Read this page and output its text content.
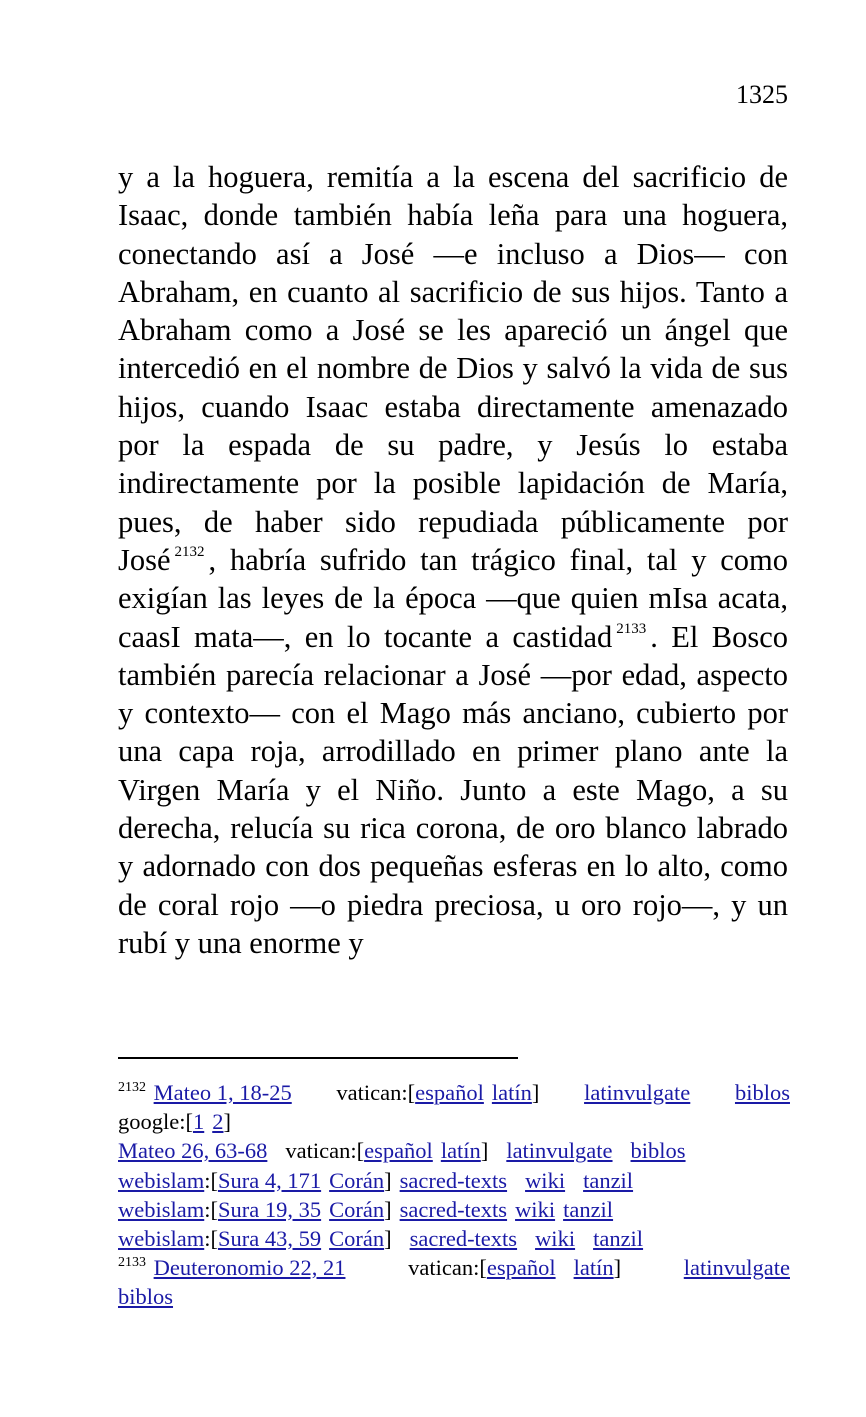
1325

y a la hoguera, remitía a la escena del sacrificio de Isaac, donde también había leña para una hoguera, conectando así a José —e incluso a Dios— con Abraham, en cuanto al sacrificio de sus hijos. Tanto a Abraham como a José se les apareció un ángel que intercedió en el nombre de Dios y salvó la vida de sus hijos, cuando Isaac estaba directamente amenazado por la espada de su padre, y Jesús lo estaba indirectamente por la posible lapidación de María, pues, de haber sido repudiada públicamente por José $^{2132}$ , habría sufrido tan trágico final, tal y como exigían las leyes de la época —que quien mIsa acata, caasI mata—, en lo tocante a castidad $^{2133}$ . El Bosco también parecía relacionar a José —por edad, aspecto y contexto— con el Mago más anciano, cubierto por una capa roja, arrodillado en primer plano ante la Virgen María y el Niño. Junto a este Mago, a su derecha, relucía su rica corona, de oro blanco labrado y adornado con dos pequeñas esferas en lo alto, como de coral rojo —o piedra preciosa, u oro rojo—, y un rubí y una enorme y

$^{2132}$ Mateo 1, 18-25 vatican:[español latín] latinvulgate biblos
google:[1 2]
Mateo 26, 63-68 vatican:[español latín] latinvulgate biblos
webislam:[Sura 4, 171 Corán] sacred-texts wiki tanzil
webislam:[Sura 19, 35 Corán] sacred-texts wiki tanzil
webislam:[Sura 43, 59 Corán] sacred-texts wiki tanzil
$^{2133}$ Deuteronomio 22, 21	vatican:[español latín]	latinvulgate
biblos
